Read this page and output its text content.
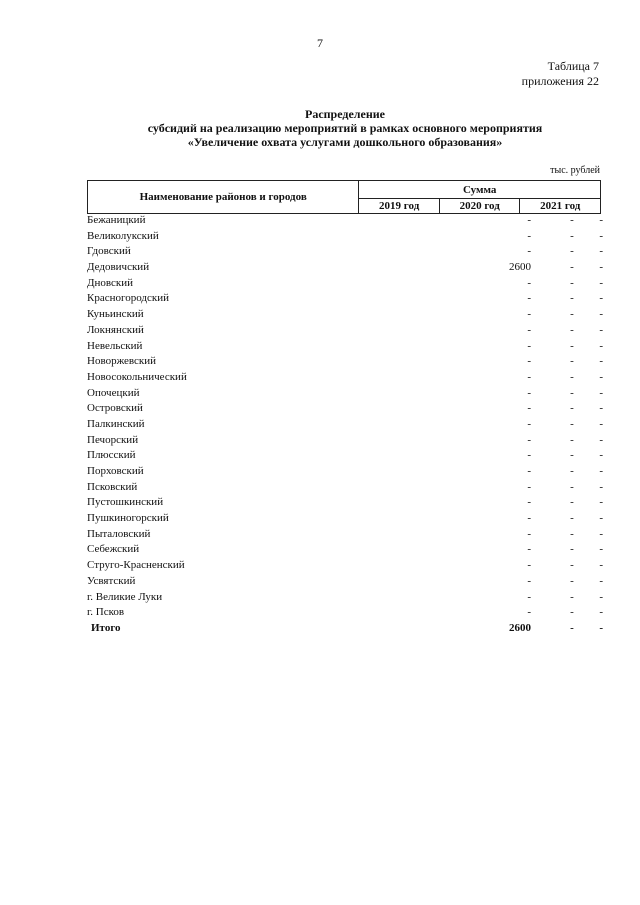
7
Таблица 7
приложения 22
Распределение
субсидий на реализацию мероприятий в рамках основного мероприятия
«Увеличение охвата услугами дошкольного образования»
тыс. рублей
Наименование районов и городов	Сумма		
	2019 год	2020 год	2021 год
Бежаницкий	-	-	-
Великолукский	-	-	-
Гдовский	-	-	-
Дедовичский	2600	-	-
Дновский	-	-	-
Красногородский	-	-	-
Куньинский	-	-	-
Локнянский	-	-	-
Невельский	-	-	-
Новоржевский	-	-	-
Новосокольнический	-	-	-
Опочецкий	-	-	-
Островский	-	-	-
Палкинский	-	-	-
Печорский	-	-	-
Плюсский	-	-	-
Порховский	-	-	-
Псковский	-	-	-
Пустошкинский	-	-	-
Пушкиногорский	-	-	-
Пыталовский	-	-	-
Себежский	-	-	-
Струго-Красненский	-	-	-
Усвятский	-	-	-
г. Великие Луки	-	-	-
г. Псков	-	-	-
Итого	2600	-	-
